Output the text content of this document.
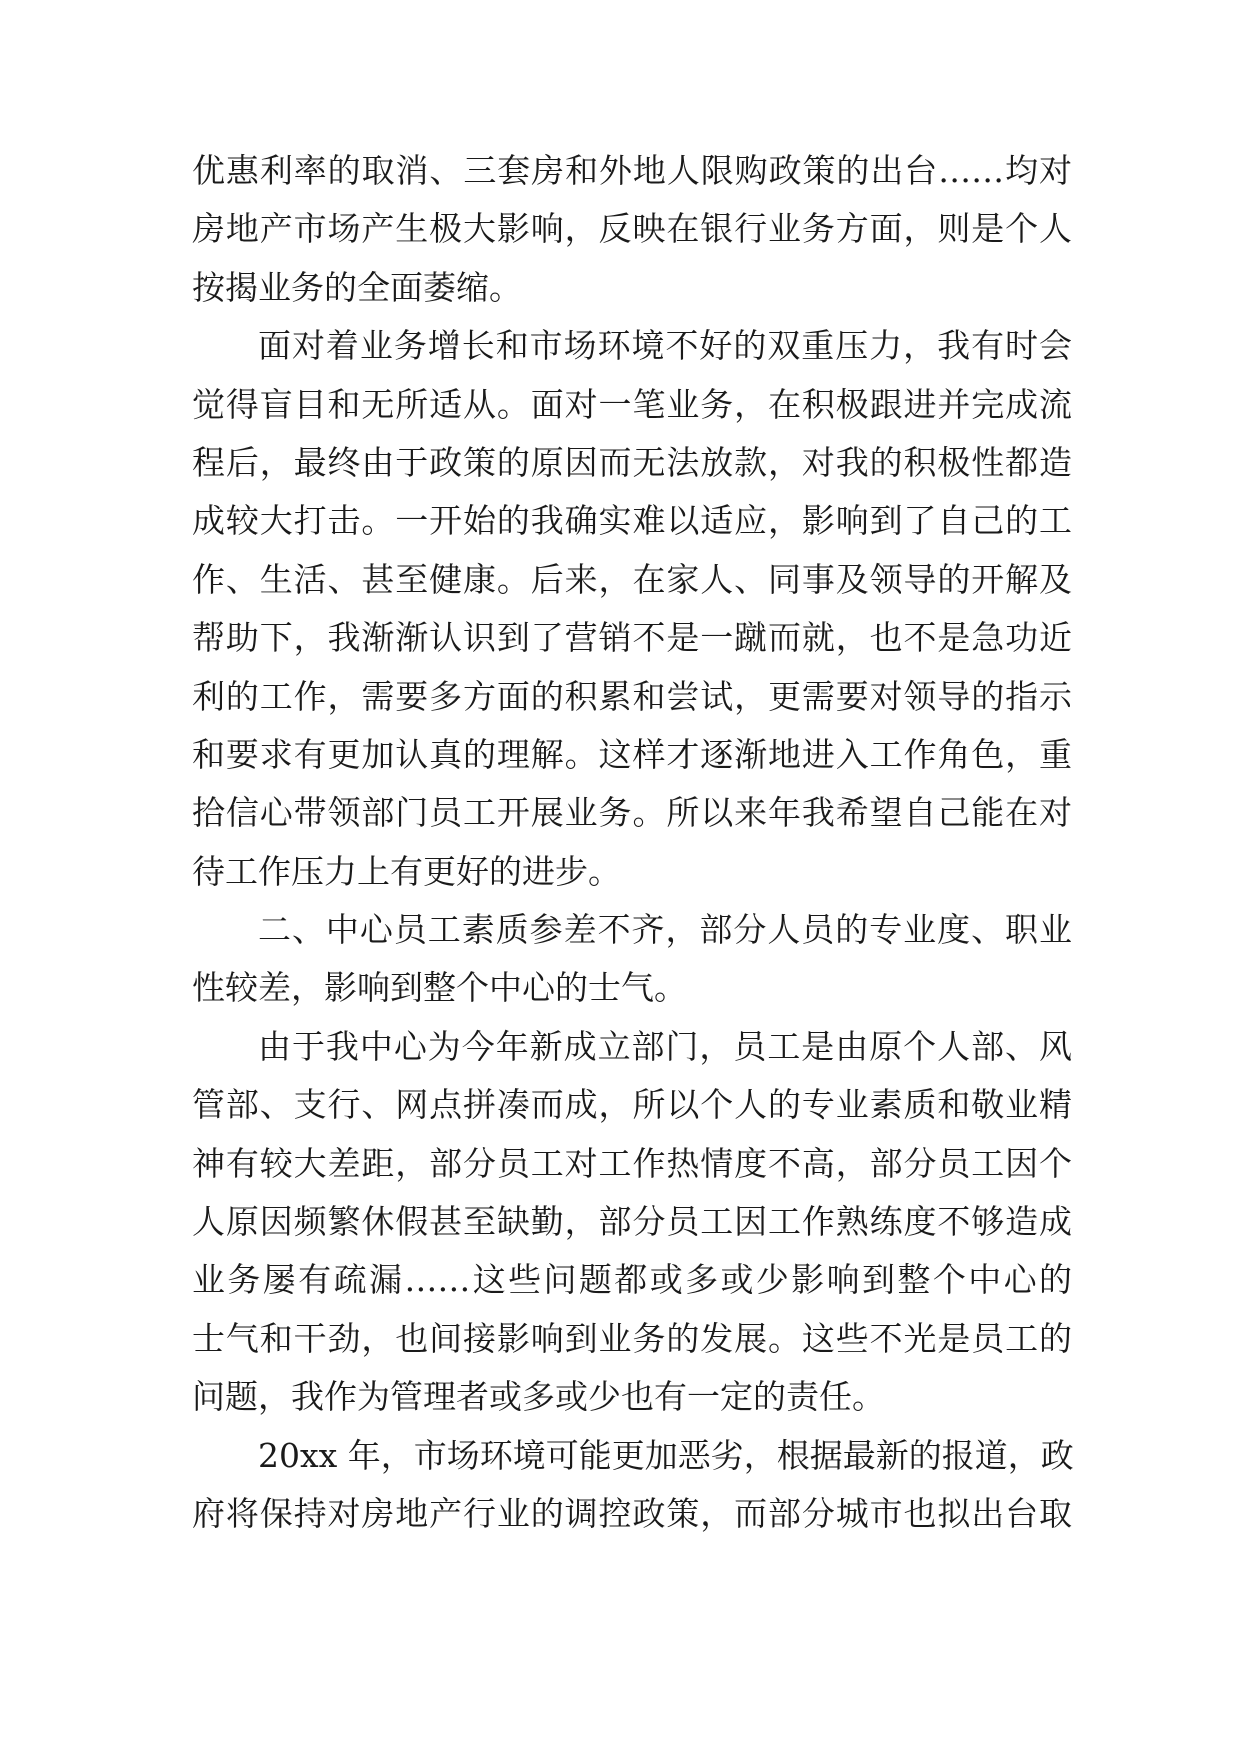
优惠利率的取消、三套房和外地人限购政策的出台……均对
房地产市场产生极大影响，反映在银行业务方面，则是个人
按揭业务的全面萎缩。
面对着业务增长和市场环境不好的双重压力，我有时会
觉得盲目和无所适从。面对一笔业务，在积极跟进并完成流
程后，最终由于政策的原因而无法放款，对我的积极性都造
成较大打击。一开始的我确实难以适应，影响到了自己的工
作、生活、甚至健康。后来，在家人、同事及领导的开解及
帮助下，我渐渐认识到了营销不是一蹴而就，也不是急功近
利的工作，需要多方面的积累和尝试，更需要对领导的指示
和要求有更加认真的理解。这样才逐渐地进入工作角色，重
拾信心带领部门员工开展业务。所以来年我希望自己能在对
待工作压力上有更好的进步。
二、中心员工素质参差不齐，部分人员的专业度、职业
性较差，影响到整个中心的士气。
由于我中心为今年新成立部门，员工是由原个人部、风
管部、支行、网点拼凑而成，所以个人的专业素质和敬业精
神有较大差距，部分员工对工作热情度不高，部分员工因个
人原因频繁休假甚至缺勤，部分员工因工作熟练度不够造成
业务屡有疏漏……这些问题都或多或少影响到整个中心的
士气和干劲，也间接影响到业务的发展。这些不光是员工的
问题，我作为管理者或多或少也有一定的责任。
20xx 年，市场环境可能更加恶劣，根据最新的报道，政
府将保持对房地产行业的调控政策，而部分城市也拟出台取
